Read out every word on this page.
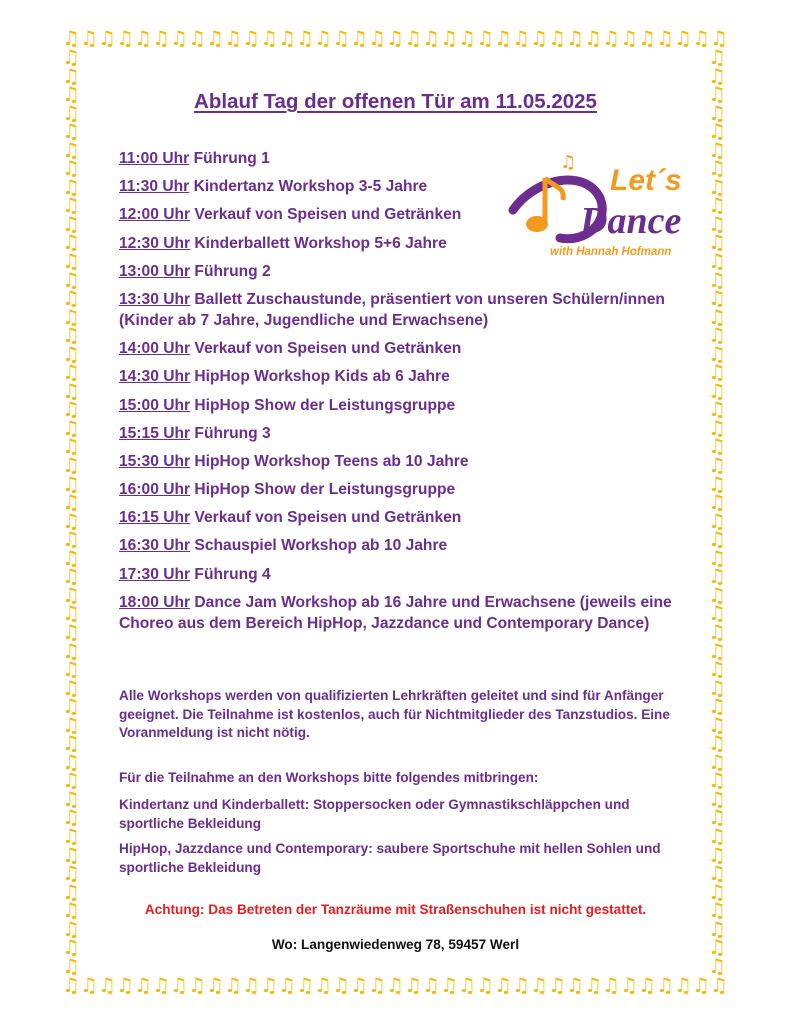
♫ ♫ ♫ ♫ ♫ ♫ ♫ ♫ ♫ ♫ ♫ ♫ ♫ ♫ ♫ ♫ ♫ ♫ ♫ ♫ ♫ ♫ ♫ ♫ ♫ ♫ ♫ ♫ ♫ ♫ ♫ ♫ ♫ ♫ ♫ ♫ ♫
♫ ♫ ♫ ♫ ♫ ♫ ♫ ♫ ♫ ♫ ♫ ♫ ♫ ♫ ♫ ♫ ♫ ♫ ♫ ♫ ♫ ♫ ♫ ♫ ♫ ♫ ♫ ♫ ♫ ♫ ♫ ♫ ♫ ♫ ♫ ♫ ♫
♫
♫
♫
♫
♫
♫
♫
♫
♫
♫
♫
♫
♫
♫
♫
♫
♫
♫
♫
♫
♫
♫
♫
♫
♫
♫
♫
♫
♫
♫
♫
♫
♫
♫
♫
♫
♫
♫
♫
♫
♫
♫
♫
♫
♫
♫
♫
♫
♫
♫
♫
♫
♫
♫
♫
♫
♫
♫
♫
♫
♫
♫
♫
♫
♫
♫
♫
♫
♫
♫
♫
♫
♫
♫
♫
♫
♫
♫
♫
♫
♫
♫
♫
♫
♫
♫
♫
♫
♫
♫
♫
♫
♫
♫
♫
♫
♫
♫
♫
♫
Ablauf Tag der offenen Tür am 11.05.2025
♫
Let´s
Dance
with Hannah Hofmann
11:00 Uhr Führung 1
11:30 Uhr Kindertanz Workshop 3-5 Jahre
12:00 Uhr Verkauf von Speisen und Getränken
12:30 Uhr Kinderballett Workshop 5+6 Jahre
13:00 Uhr Führung 2
13:30 Uhr Ballett Zuschaustunde, präsentiert von unseren Schülern/innen (Kinder ab 7 Jahre, Jugendliche und Erwachsene)
14:00 Uhr Verkauf von Speisen und Getränken
14:30 Uhr HipHop Workshop Kids ab 6 Jahre
15:00 Uhr HipHop Show der Leistungsgruppe
15:15 Uhr Führung 3
15:30 Uhr HipHop Workshop Teens ab 10 Jahre
16:00 Uhr HipHop Show der Leistungsgruppe
16:15 Uhr Verkauf von Speisen und Getränken
16:30 Uhr Schauspiel Workshop ab 10 Jahre
17:30 Uhr Führung 4
18:00 Uhr Dance Jam Workshop ab 16 Jahre und Erwachsene (jeweils eine Choreo aus dem Bereich HipHop, Jazzdance und Contemporary Dance)
Alle Workshops werden von qualifizierten Lehrkräften geleitet und sind für Anfänger geeignet. Die Teilnahme ist kostenlos, auch für Nichtmitglieder des Tanzstudios. Eine Voranmeldung ist nicht nötig.
Für die Teilnahme an den Workshops bitte folgendes mitbringen:
Kindertanz und Kinderballett: Stoppersocken oder Gymnastikschläppchen und sportliche Bekleidung
HipHop, Jazzdance und Contemporary: saubere Sportschuhe mit hellen Sohlen und sportliche Bekleidung
Achtung: Das Betreten der Tanzräume mit Straßenschuhen ist nicht gestattet.
Wo: Langenwiedenweg 78, 59457 Werl
